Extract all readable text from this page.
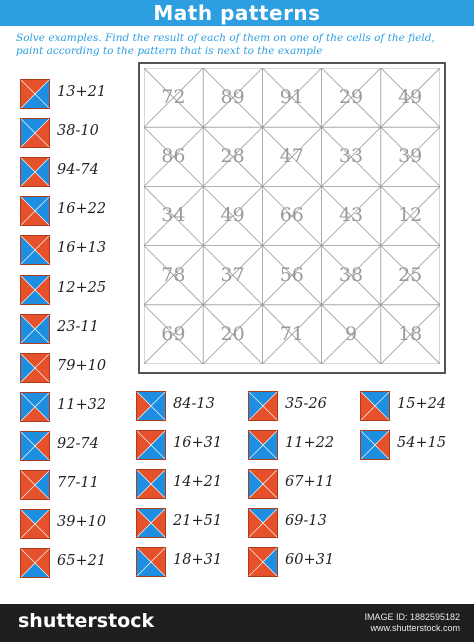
Math patterns
Solve examples. Find the result of each of them on one of the cells of the field, paint according to the pattern that is next to the example
72	89	91	29	49
86	28	47	33	39
34	49	66	43	12
78	37	56	38	25
69	20	71	9	18
13+21
38-10
94-74
16+22
16+13
12+25
23-11
79+10
11+32
92-74
77-11
39+10
65+21
84-13
16+31
14+21
21+51
18+31
35-26
11+22
67+11
69-13
60+31
15+24
54+15
shutterstock	IMAGE ID: 1882595182
www.shutterstock.com
